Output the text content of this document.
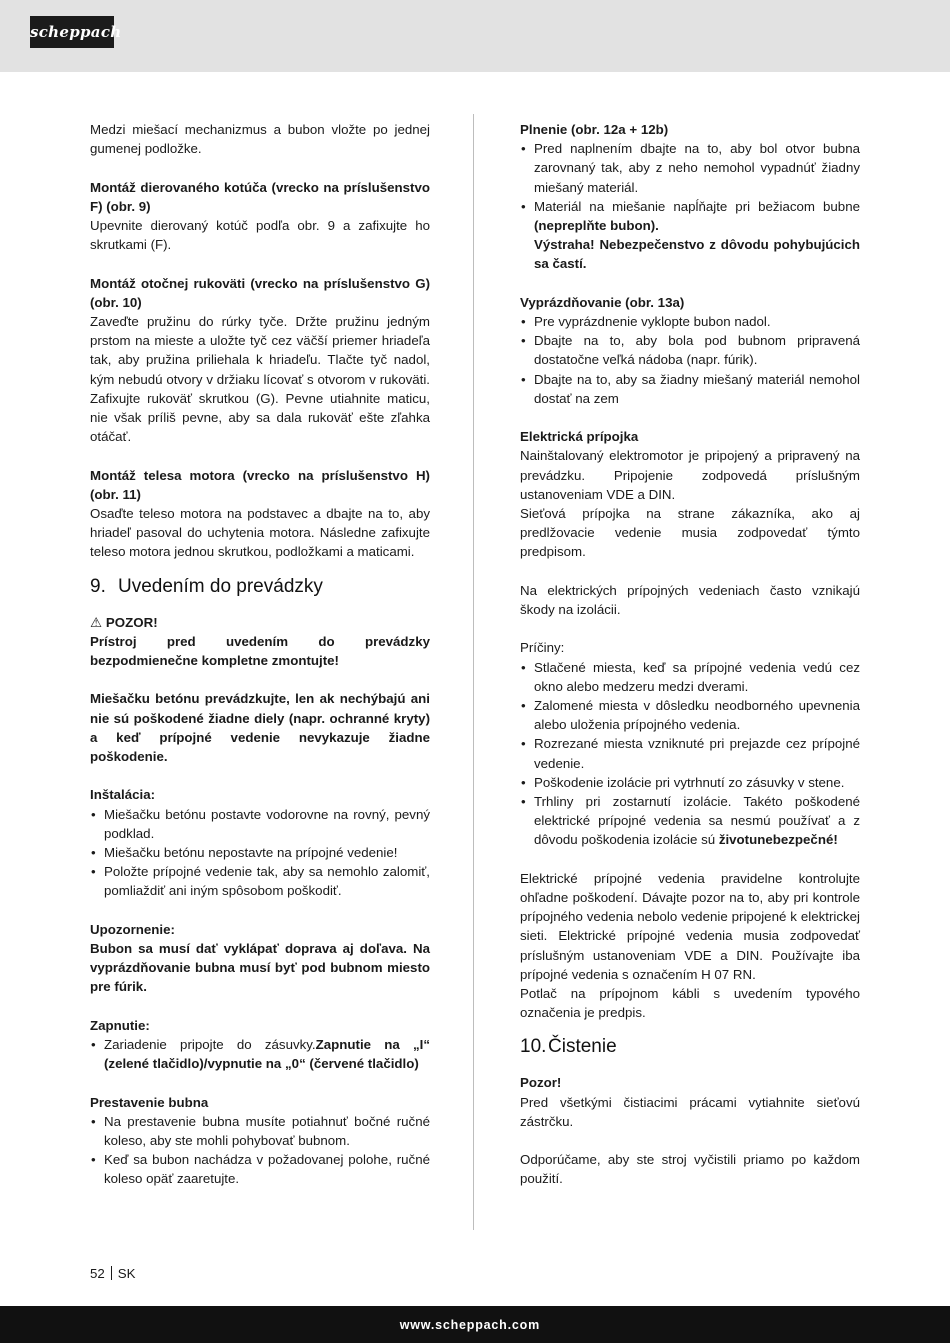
scheppach

Medzi miešací mechanizmus a bubon vložte po jednej gumenej podložke.

Montáž dierovaného kotúča (vrecko na príslušenstvo F) (obr. 9)

Upevnite dierovaný kotúč podľa obr. 9 a zafixujte ho skrutkami (F).

Montáž otočnej rukoväti (vrecko na príslušenstvo G) (obr. 10)

Zaveďte pružinu do rúrky tyče. Držte pružinu jedným prstom na mieste a uložte tyč cez väčší priemer hriadeľa tak, aby pružina priliehala k hriadeľu. Tlačte tyč nadol, kým nebudú otvory v držiaku lícovať s otvorom v rukoväti. Zafixujte rukoväť skrutkou (G). Pevne utiahnite maticu, nie však príliš pevne, aby sa dala rukoväť ešte zľahka otáčať.

Montáž telesa motora (vrecko na príslušenstvo H) (obr. 11)

Osaďte teleso motora na podstavec a dbajte na to, aby hriadeľ pasoval do uchytenia motora. Následne zafixujte teleso motora jednou skrutkou, podložkami a maticami.

9. Uvedením do prevádzky

⚠ POZOR!

Prístroj pred uvedením do prevádzky bezpodmienečne kompletne zmontujte!

Miešačku betónu prevádzkujte, len ak nechýbajú ani nie sú poškodené žiadne diely (napr. ochranné kryty) a keď prípojné vedenie nevykazuje žiadne poškodenie.

Inštalácia:

• Miešačku betónu postavte vodorovne na rovný, pevný podklad.
• Miešačku betónu nepostavte na prípojné vedenie!
• Položte prípojné vedenie tak, aby sa nemohlo zalomiť, pomliaždiť ani iným spôsobom poškodiť.

Upozornenie:

Bubon sa musí dať vyklápať doprava aj doľava. Na vyprázdňovanie bubna musí byť pod bubnom miesto pre fúrik.

Zapnutie:

• Zariadenie pripojte do zásuvky.Zapnutie na „I“ (zelené tlačidlo)/vypnutie na „0“ (červené tlačidlo)

Prestavenie bubna

• Na prestavenie bubna musíte potiahnuť bočné ručné koleso, aby ste mohli pohybovať bubnom.
• Keď sa bubon nachádza v požadovanej polohe, ručné koleso opäť zaaretujte.

Plnenie (obr. 12a + 12b)

• Pred naplnením dbajte na to, aby bol otvor bubna zarovnaný tak, aby z neho nemohol vypadnúť žiadny miešaný materiál.
• Materiál na miešanie napĺňajte pri bežiacom bubne (nepreplňte bubon).
Výstraha! Nebezpečenstvo z dôvodu pohybujúcich sa častí.

Vyprázdňovanie (obr. 13a)

• Pre vyprázdnenie vyklopte bubon nadol.
• Dbajte na to, aby bola pod bubnom pripravená dostatočne veľká nádoba (napr. fúrik).
• Dbajte na to, aby sa žiadny miešaný materiál nemohol dostať na zem

Elektrická prípojka

Nainštalovaný elektromotor je pripojený a pripravený na prevádzku. Pripojenie zodpovedá príslušným ustanoveniam VDE a DIN.

Sieťová prípojka na strane zákazníka, ako aj predlžovacie vedenie musia zodpovedať týmto predpisom.

Na elektrických prípojných vedeniach často vznikajú škody na izolácii.

Príčiny:

• Stlačené miesta, keď sa prípojné vedenia vedú cez okno alebo medzeru medzi dverami.
• Zalomené miesta v dôsledku neodborného upevnenia alebo uloženia prípojného vedenia.
• Rozrezané miesta vzniknuté pri prejazde cez prípojné vedenie.
• Poškodenie izolácie pri vytrhnutí zo zásuvky v stene.
• Trhliny pri zostarnutí izolácie. Takéto poškodené elektrické prípojné vedenia sa nesmú používať a z dôvodu poškodenia izolácie sú životunebezpečné!

Elektrické prípojné vedenia pravidelne kontrolujte ohľadne poškodení. Dávajte pozor na to, aby pri kontrole prípojného vedenia nebolo vedenie pripojené k elektrickej sieti. Elektrické prípojné vedenia musia zodpovedať príslušným ustanoveniam VDE a DIN. Používajte iba prípojné vedenia s označením H 07 RN.

Potlač na prípojnom kábli s uvedením typového označenia je predpis.

10.Čistenie

Pozor!

Pred všetkými čistiacimi prácami vytiahnite sieťovú zástrčku.

Odporúčame, aby ste stroj vyčistili priamo po každom použití.

52 SK
www.scheppach.com
